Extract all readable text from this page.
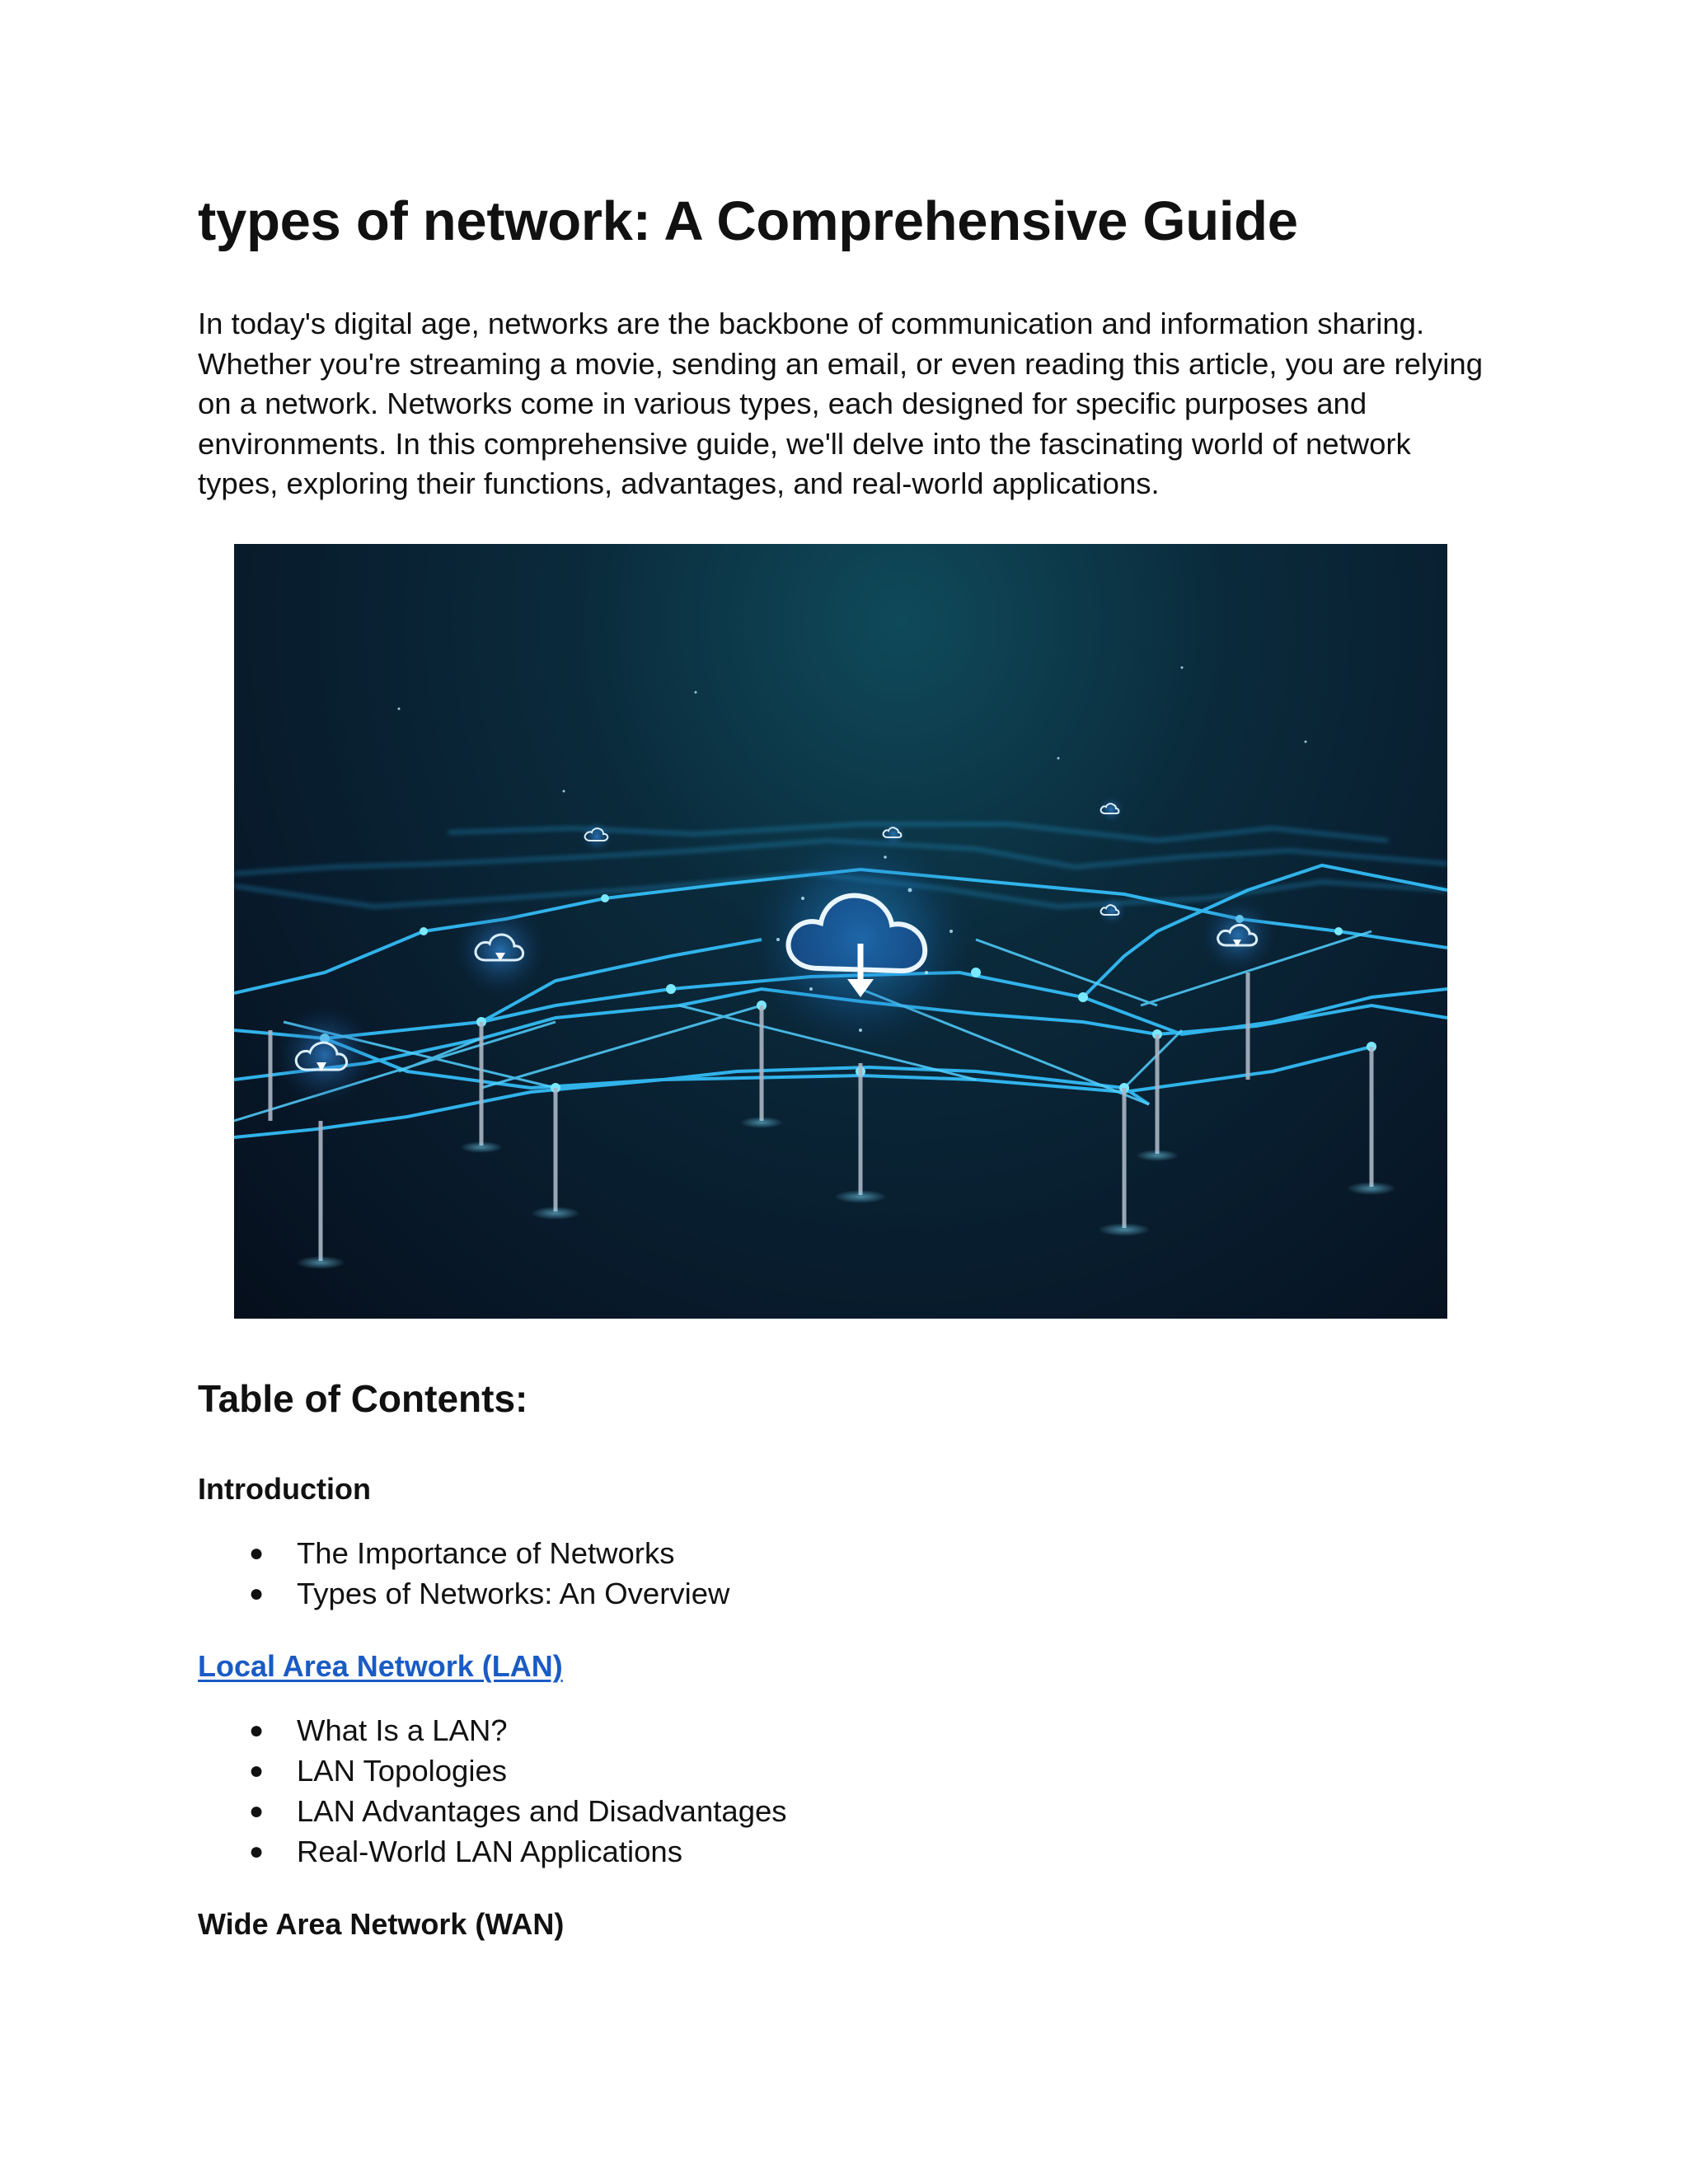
types of network: A Comprehensive Guide

In today's digital age, networks are the backbone of communication and information sharing. Whether you're streaming a movie, sending an email, or even reading this article, you are relying on a network. Networks come in various types, each designed for specific purposes and environments. In this comprehensive guide, we'll delve into the fascinating world of network types, exploring their functions, advantages, and real-world applications.

Table of Contents:
Introduction
● The Importance of Networks
● Types of Networks: An Overview
Local Area Network (LAN)
● What Is a LAN?
● LAN Topologies
● LAN Advantages and Disadvantages
● Real-World LAN Applications
Wide Area Network (WAN)
